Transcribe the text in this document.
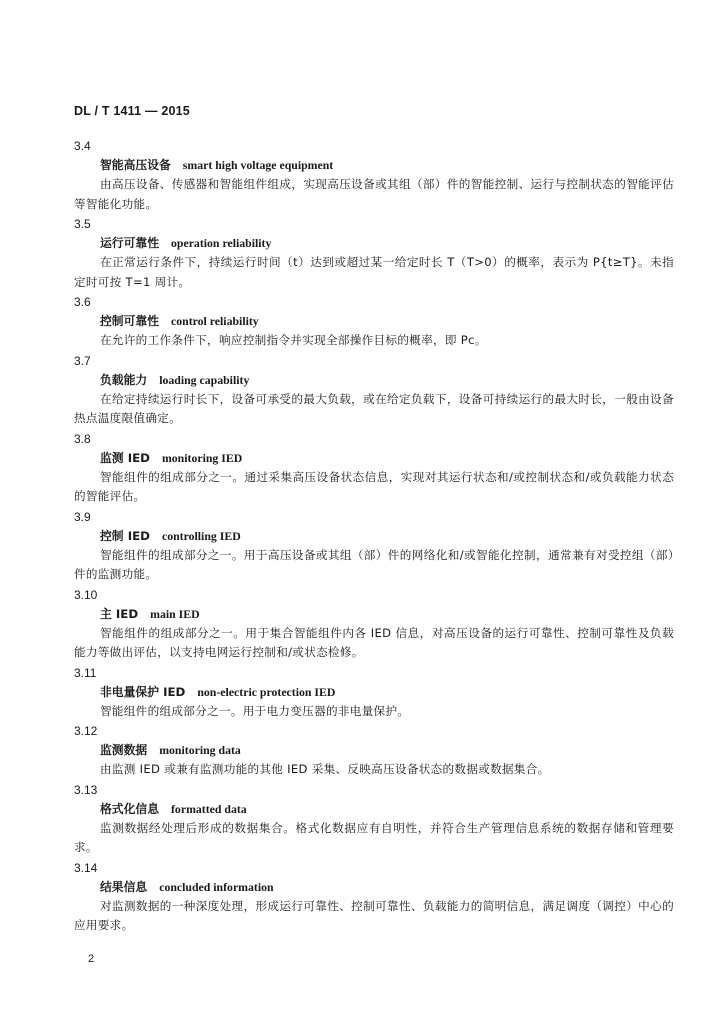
DL / T 1411 — 2015
3.4
智能高压设备 smart high voltage equipment

由高压设备、传感器和智能组件组成，实现高压设备或其组（部）件的智能控制、运行与控制状态的智能评估等智能化功能。

3.5
运行可靠性 operation reliability

在正常运行条件下，持续运行时间（t）达到或超过某一给定时长 T（T>0）的概率，表示为 P{t≥T}。未指定时可按 T=1 周计。

3.6
控制可靠性 control reliability

在允许的工作条件下，响应控制指令并实现全部操作目标的概率，即 Pc。

3.7
负载能力 loading capability

在给定持续运行时长下，设备可承受的最大负载，或在给定负载下，设备可持续运行的最大时长，一般由设备热点温度限值确定。

3.8
监测 IED monitoring IED

智能组件的组成部分之一。通过采集高压设备状态信息，实现对其运行状态和/或控制状态和/或负载能力状态的智能评估。

3.9
控制 IED controlling IED

智能组件的组成部分之一。用于高压设备或其组（部）件的网络化和/或智能化控制，通常兼有对受控组（部）件的监测功能。

3.10
主 IED main IED

智能组件的组成部分之一。用于集合智能组件内各 IED 信息，对高压设备的运行可靠性、控制可靠性及负载能力等做出评估，以支持电网运行控制和/或状态检修。

3.11
非电量保护 IED non-electric protection IED

智能组件的组成部分之一。用于电力变压器的非电量保护。

3.12
监测数据 monitoring data

由监测 IED 或兼有监测功能的其他 IED 采集、反映高压设备状态的数据或数据集合。

3.13
格式化信息 formatted data

监测数据经处理后形成的数据集合。格式化数据应有自明性，并符合生产管理信息系统的数据存储和管理要求。

3.14
结果信息 concluded information

对监测数据的一种深度处理，形成运行可靠性、控制可靠性、负载能力的简明信息，满足调度（调控）中心的应用要求。

2
